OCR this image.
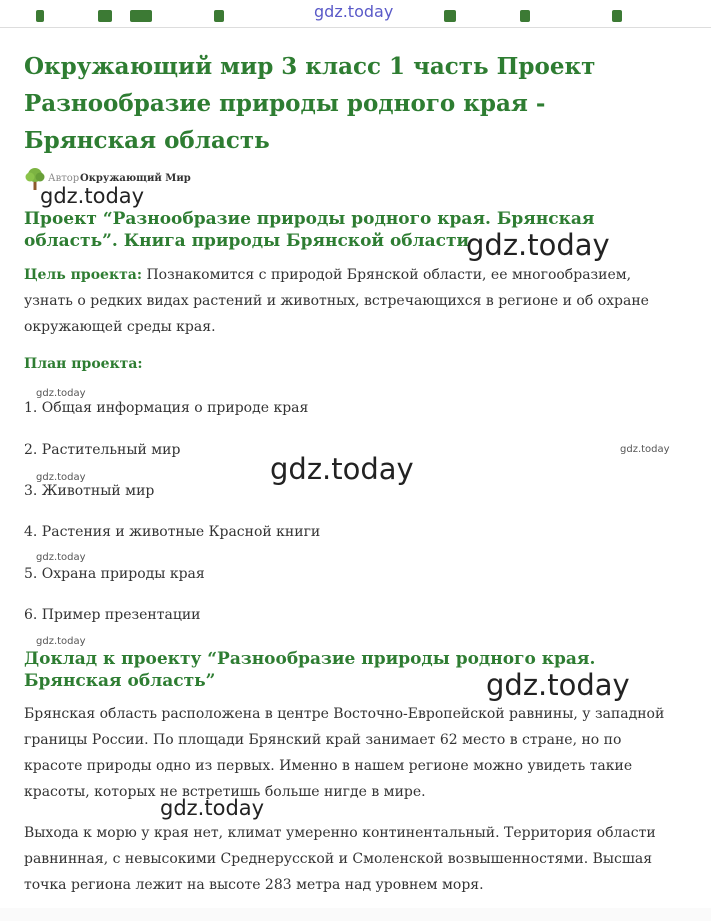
gdz.today
Окружающий мир 3 класс 1 часть Проект Разнообразие природы родного края - Брянская область
Автор Окружающий Мир
gdz.today
Проект “Разнообразие природы родного края. Брянская область”. Книга природы Брянской области
gdz.today

Цель проекта: Познакомится с природой Брянской области, ее многообразием, узнать о редких видах растений и животных, встречающихся в регионе и об охране окружающей среды края.

План проекта:

gdz.today

1. Общая информация о природе края

2. Растительный мир	gdz.today
gdz.today
gdz.today

3. Животный мир

4. Растения и животные Красной книги

gdz.today

5. Охрана природы края

6. Пример презентации

gdz.today
Доклад к проекту “Разнообразие природы родного края. Брянская область”	gdz.today

Брянская область расположена в центре Восточно-Европейской равнины, у западной границы России. По площади Брянский край занимает 62 место в стране, но по красоте природы одно из первых. Именно в нашем регионе можно увидеть такие красоты, которых не встретишь больше нигде в мире.

gdz.today

Выхода к морю у края нет, климат умеренно континентальный. Территория области равнинная, с невысокими Среднерусской и Смоленской возвышенностями. Высшая точка региона лежит на высоте 283 метра над уровнем моря.
